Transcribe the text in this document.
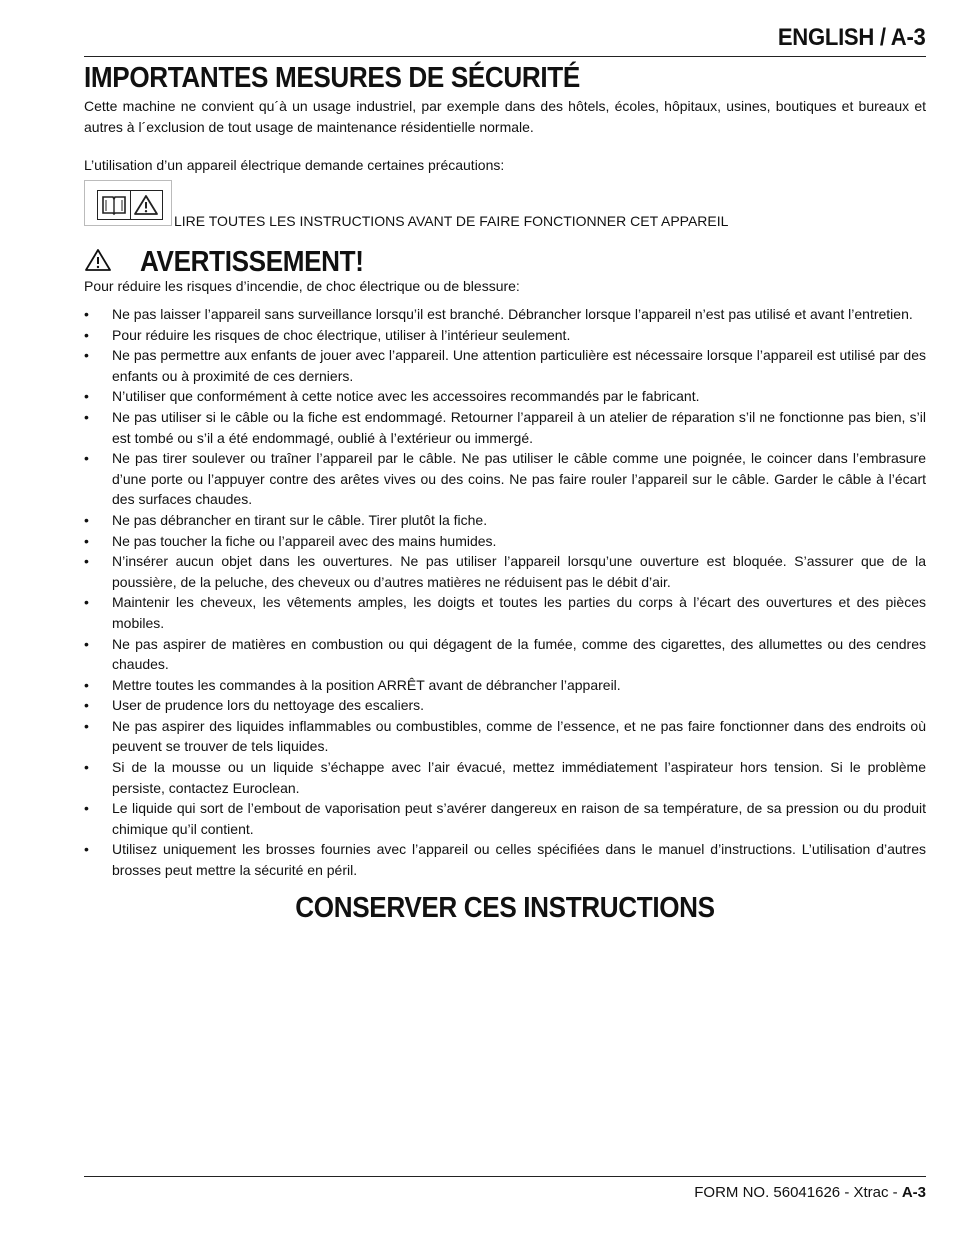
ENGLISH / A-3
IMPORTANTES MESURES DE SÉCURITÉ
Cette machine ne convient qu´à un usage industriel, par exemple dans des hôtels, écoles, hôpitaux, usines, boutiques et bureaux et autres à l´exclusion de tout usage de maintenance résidentielle normale.
L’utilisation d’un appareil électrique demande certaines précautions:
LIRE TOUTES LES INSTRUCTIONS AVANT DE FAIRE FONCTIONNER CET APPAREIL
AVERTISSEMENT!
Pour réduire les risques d’incendie, de choc électrique ou de blessure:
• Ne pas laisser l’appareil sans surveillance lorsqu’il est branché. Débrancher lorsque l’appareil n’est pas utilisé et avant l’entretien.
• Pour réduire les risques de choc électrique, utiliser à l’intérieur seulement.
• Ne pas permettre aux enfants de jouer avec l’appareil. Une attention particulière est nécessaire lorsque l’appareil est utilisé par des enfants ou à proximité de ces derniers.
• N’utiliser que conformément à cette notice avec les accessoires recommandés par le fabricant.
• Ne pas utiliser si le câble ou la fiche est endommagé. Retourner l’appareil à un atelier de réparation s’il ne fonctionne pas bien, s’il est tombé ou s’il a été endommagé, oublié à l’extérieur ou immergé.
• Ne pas tirer soulever ou traîner l’appareil par le câble. Ne pas utiliser le câble comme une poignée, le coincer dans l’embrasure d’une porte ou l’appuyer contre des arêtes vives ou des coins. Ne pas faire rouler l’appareil sur le câble. Garder le câble à l’écart des surfaces chaudes.
• Ne pas débrancher en tirant sur le câble. Tirer plutôt la fiche.
• Ne pas toucher la fiche ou l’appareil avec des mains humides.
• N’insérer aucun objet dans les ouvertures. Ne pas utiliser l’appareil lorsqu’une ouverture est bloquée. S’assurer que de la poussière, de la peluche, des cheveux ou d’autres matières ne réduisent pas le débit d’air.
• Maintenir les cheveux, les vêtements amples, les doigts et toutes les parties du corps à l’écart des ouvertures et des pièces mobiles.
• Ne pas aspirer de matières en combustion ou qui dégagent de la fumée, comme des cigarettes, des allumettes ou des cendres chaudes.
• Mettre toutes les commandes à la position ARRÊT avant de débrancher l’appareil.
• User de prudence lors du nettoyage des escaliers.
• Ne pas aspirer des liquides inflammables ou combustibles, comme de l’essence, et ne pas faire fonctionner dans des endroits où peuvent se trouver de tels liquides.
• Si de la mousse ou un liquide s’échappe avec l’air évacué, mettez immédiatement l’aspirateur hors tension. Si le problème persiste, contactez Euroclean.
• Le liquide qui sort de l’embout de vaporisation peut s’avérer dangereux en raison de sa température, de sa pression ou du produit chimique qu’il contient.
• Utilisez uniquement les brosses fournies avec l’appareil ou celles spécifiées dans le manuel d’instructions. L’utilisation d’autres brosses peut mettre la sécurité en péril.
CONSERVER CES INSTRUCTIONS
FORM NO. 56041626 - Xtrac - A-3
